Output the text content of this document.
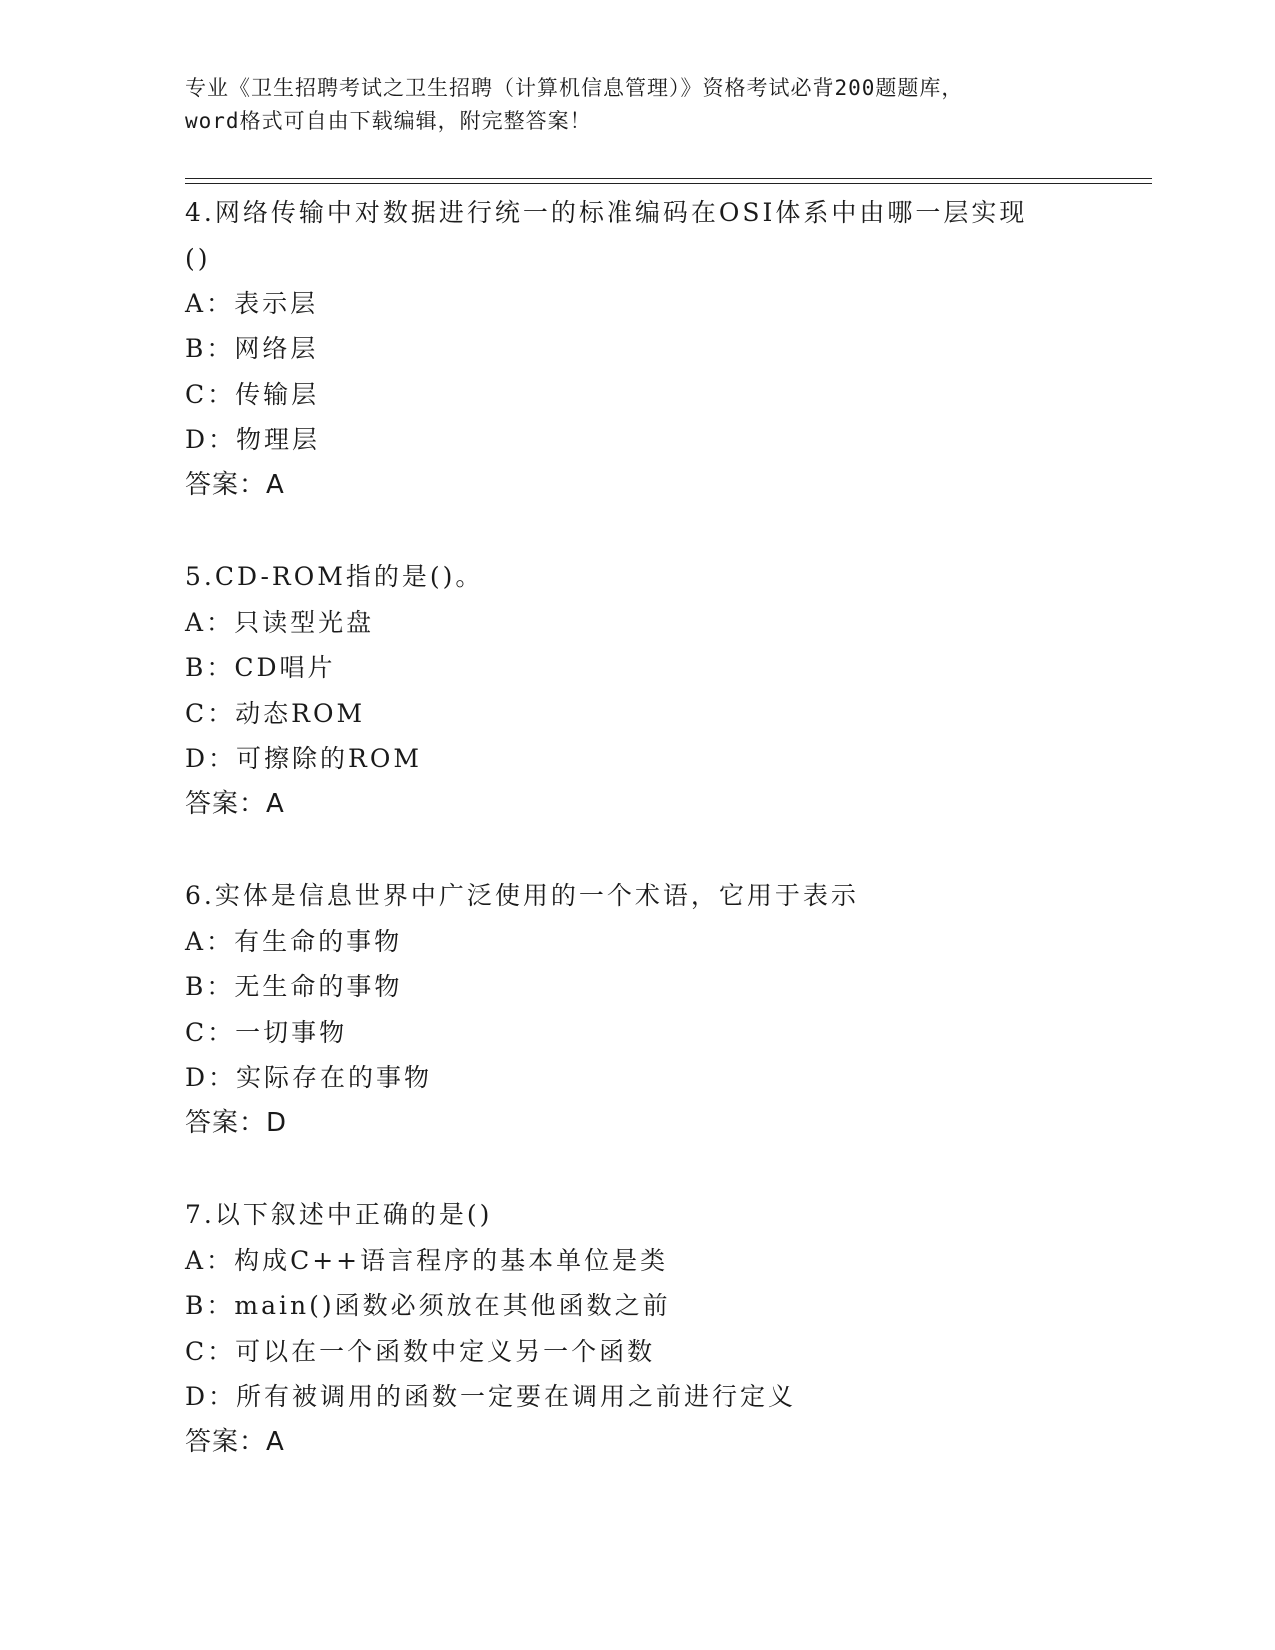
专业《卫生招聘考试之卫生招聘（计算机信息管理）》资格考试必背200题题库，
word格式可自由下载编辑，附完整答案！
4.网络传输中对数据进行统一的标准编码在OSI体系中由哪一层实现
()
A：表示层
B：网络层
C：传输层
D：物理层
答案：A
5.CD-ROM指的是()。
A：只读型光盘
B：CD唱片
C：动态ROM
D：可擦除的ROM
答案：A
6.实体是信息世界中广泛使用的一个术语，它用于表示
A：有生命的事物
B：无生命的事物
C：一切事物
D：实际存在的事物
答案：D
7.以下叙述中正确的是()
A：构成C++语言程序的基本单位是类
B：main()函数必须放在其他函数之前
C：可以在一个函数中定义另一个函数
D：所有被调用的函数一定要在调用之前进行定义
答案：A
